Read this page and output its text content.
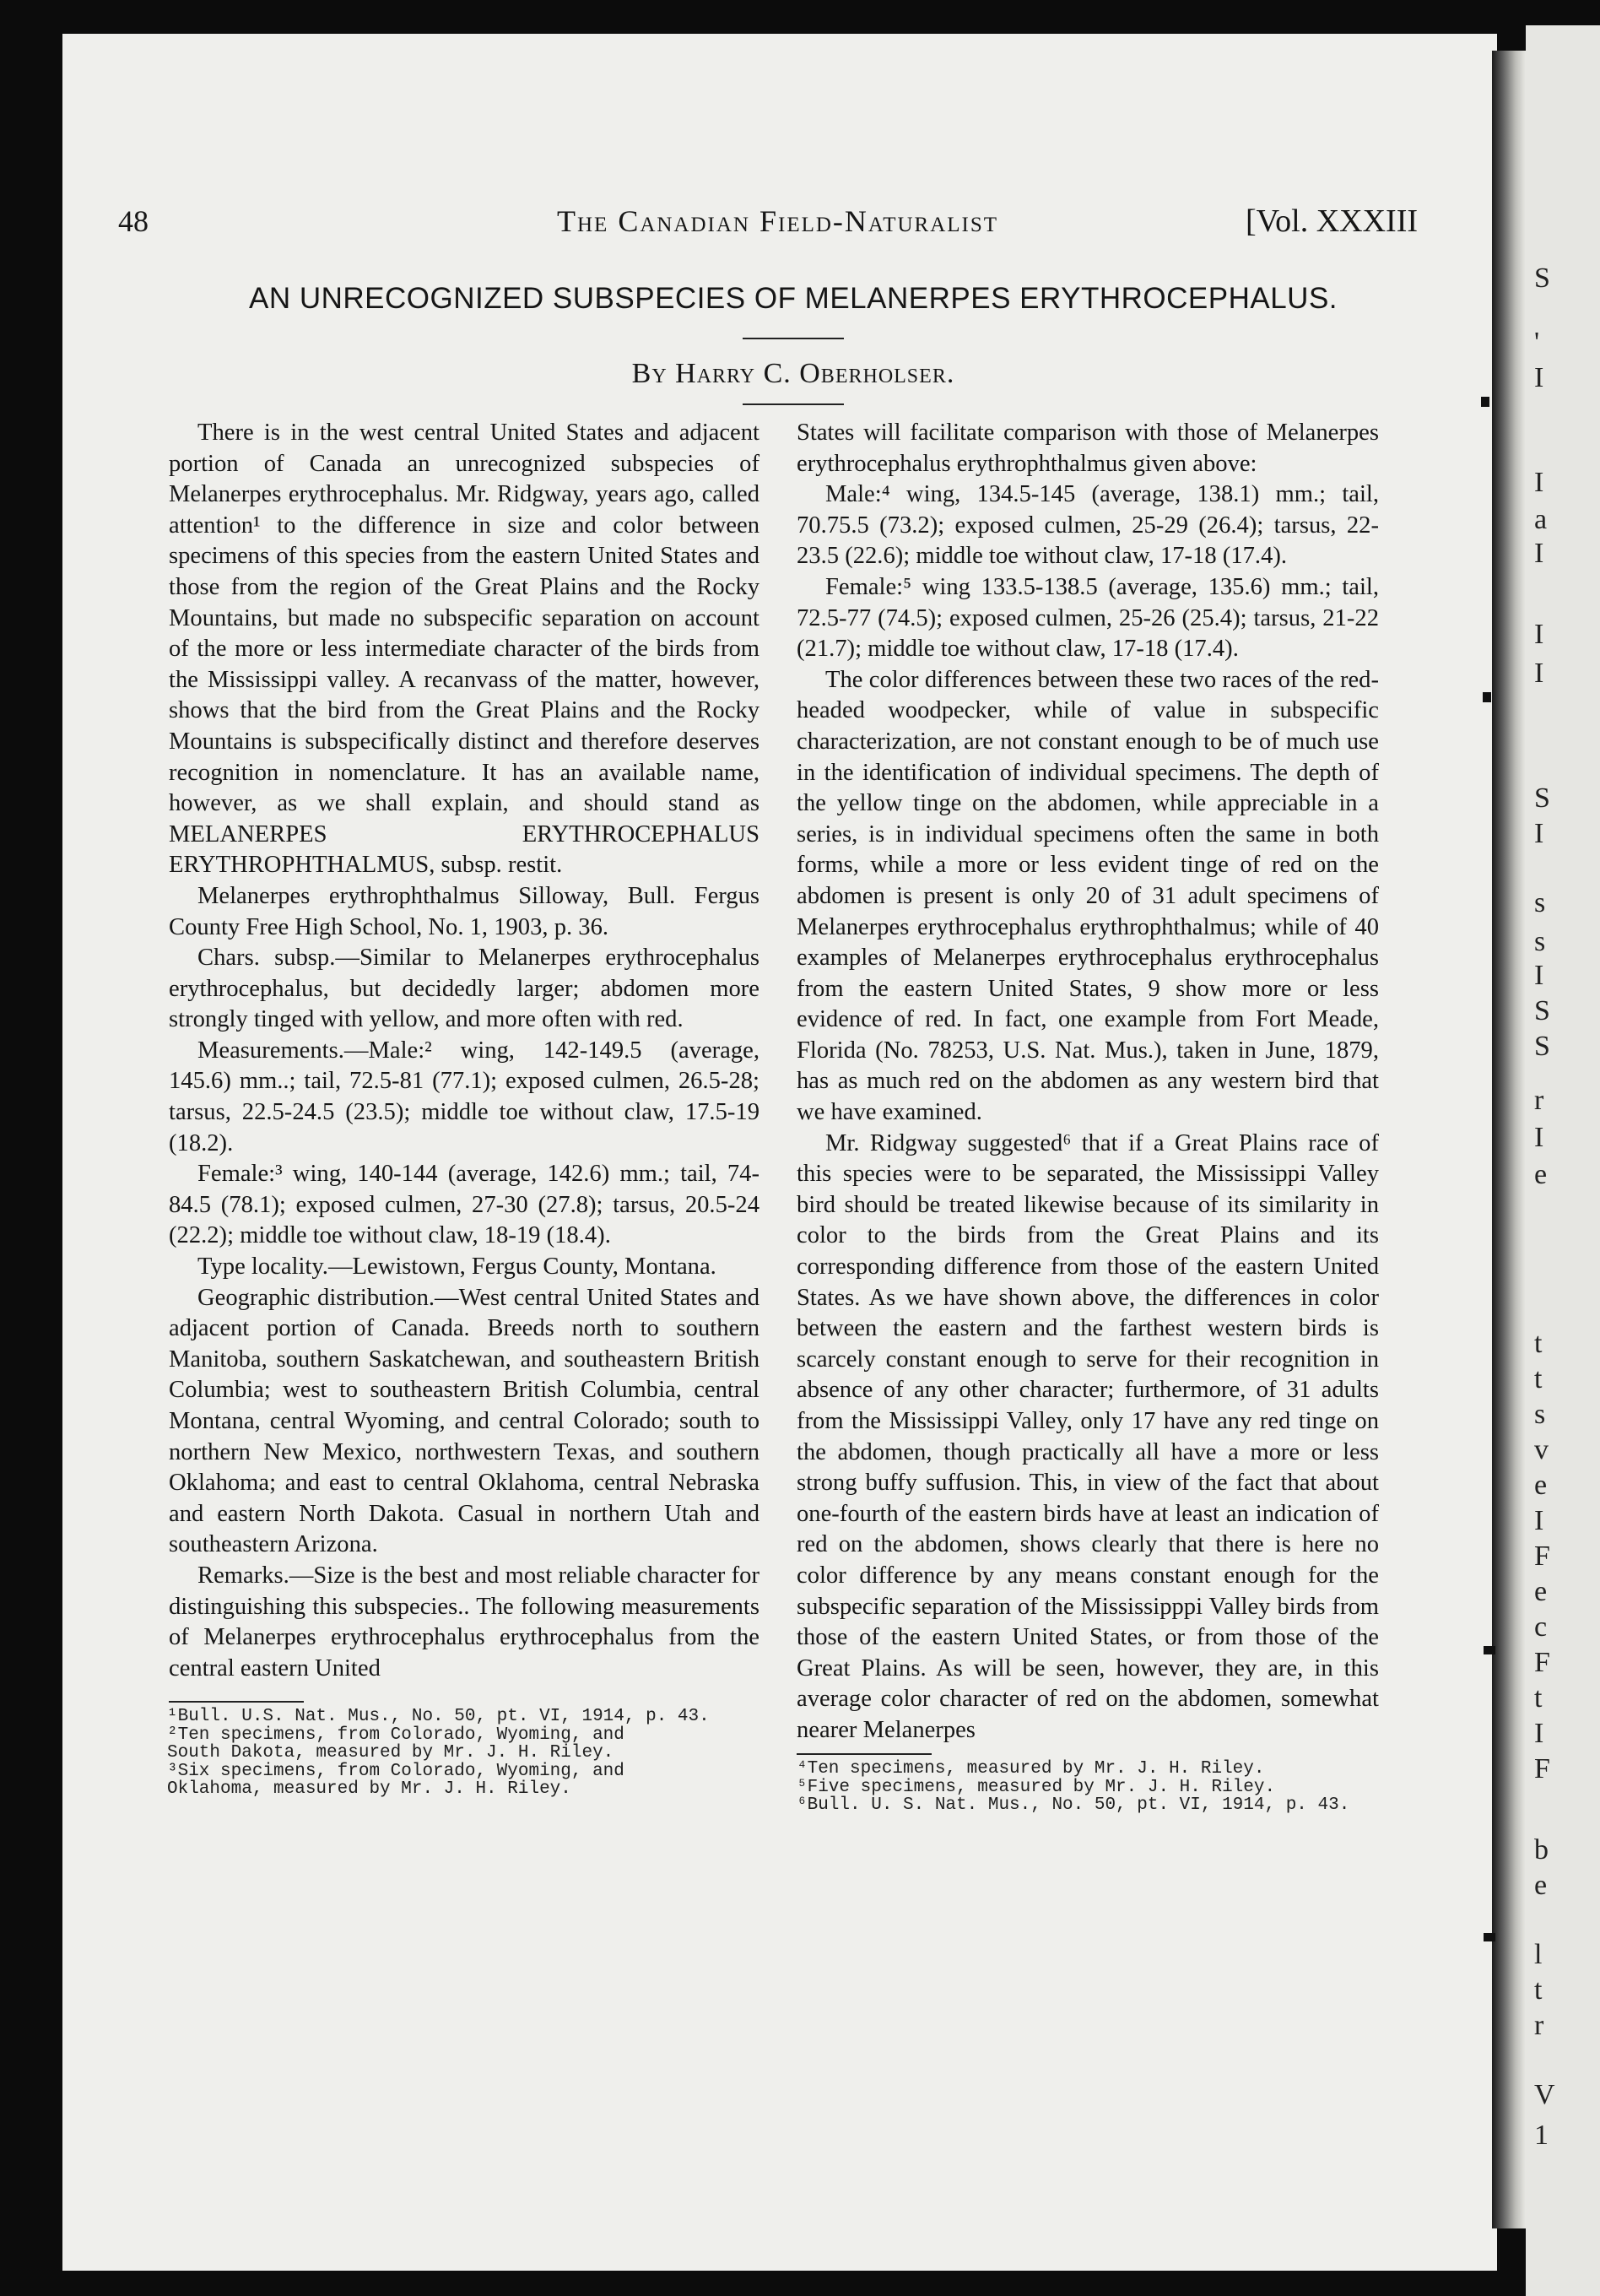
S
'
I
I
a
I
I
I
S
I
s
s
I
S
S
r
I
e
t
t
s
v
e
I
F
e
c
F
t
I
F
b
e
l
t
r
V
1
48	The Canadian Field-Naturalist	[Vol. XXXIII
AN UNRECOGNIZED SUBSPECIES OF MELANERPES ERYTHROCEPHALUS.
By Harry C. Oberholser.

There is in the west central United States and adjacent portion of Canada an unrecognized subspecies of Melanerpes erythrocephalus. Mr. Ridgway, years ago, called attention¹ to the difference in size and color between specimens of this species from the eastern United States and those from the region of the Great Plains and the Rocky Mountains, but made no subspecific separation on account of the more or less intermediate character of the birds from the Mississippi valley. A recanvass of the matter, however, shows that the bird from the Great Plains and the Rocky Mountains is subspecifically distinct and therefore deserves recognition in nomenclature. It has an available name, however, as we shall explain, and should stand as MELANERPES ERYTHROCEPHALUS ERYTHROPHTHALMUS, subsp. restit.

Melanerpes erythrophthalmus Silloway, Bull. Fergus County Free High School, No. 1, 1903, p. 36.

Chars. subsp.—Similar to Melanerpes erythrocephalus erythrocephalus, but decidedly larger; abdomen more strongly tinged with yellow, and more often with red.

Measurements.—Male:² wing, 142-149.5 (average, 145.6) mm..; tail, 72.5-81 (77.1); exposed culmen, 26.5-28; tarsus, 22.5-24.5 (23.5); middle toe without claw, 17.5-19 (18.2).

Female:³ wing, 140-144 (average, 142.6) mm.; tail, 74-84.5 (78.1); exposed culmen, 27-30 (27.8); tarsus, 20.5-24 (22.2); middle toe without claw, 18-19 (18.4).

Type locality.—Lewistown, Fergus County, Montana.

Geographic distribution.—West central United States and adjacent portion of Canada. Breeds north to southern Manitoba, southern Saskatchewan, and southeastern British Columbia; west to southeastern British Columbia, central Montana, central Wyoming, and central Colorado; south to northern New Mexico, northwestern Texas, and southern Oklahoma; and east to central Oklahoma, central Nebraska and eastern North Dakota. Casual in northern Utah and southeastern Arizona.

Remarks.—Size is the best and most reliable character for distinguishing this subspecies.. The following measurements of Melanerpes erythrocephalus erythrocephalus from the central eastern United

States will facilitate comparison with those of Melanerpes erythrocephalus erythrophthalmus given above:

Male:⁴ wing, 134.5-145 (average, 138.1) mm.; tail, 70.75.5 (73.2); exposed culmen, 25-29 (26.4); tarsus, 22-23.5 (22.6); middle toe without claw, 17-18 (17.4).

Female:⁵ wing 133.5-138.5 (average, 135.6) mm.; tail, 72.5-77 (74.5); exposed culmen, 25-26 (25.4); tarsus, 21-22 (21.7); middle toe without claw, 17-18 (17.4).

The color differences between these two races of the red-headed woodpecker, while of value in subspecific characterization, are not constant enough to be of much use in the identification of individual specimens. The depth of the yellow tinge on the abdomen, while appreciable in a series, is in individual specimens often the same in both forms, while a more or less evident tinge of red on the abdomen is present is only 20 of 31 adult specimens of Melanerpes erythrocephalus erythrophthalmus; while of 40 examples of Melanerpes erythrocephalus erythrocephalus from the eastern United States, 9 show more or less evidence of red. In fact, one example from Fort Meade, Florida (No. 78253, U.S. Nat. Mus.), taken in June, 1879, has as much red on the abdomen as any western bird that we have examined.

Mr. Ridgway suggested⁶ that if a Great Plains race of this species were to be separated, the Mississippi Valley bird should be treated likewise because of its similarity in color to the birds from the Great Plains and its corresponding difference from those of the eastern United States. As we have shown above, the differences in color between the eastern and the farthest western birds is scarcely constant enough to serve for their recognition in absence of any other character; furthermore, of 31 adults from the Mississippi Valley, only 17 have any red tinge on the abdomen, though practically all have a more or less strong buffy suffusion. This, in view of the fact that about one-fourth of the eastern birds have at least an indication of red on the abdomen, shows clearly that there is here no color difference by any means constant enough for the subspecific separation of the Mississipppi Valley birds from those of the eastern United States, or from those of the Great Plains. As will be seen, however, they are, in this average color character of red on the abdomen, somewhat nearer Melanerpes

¹Bull. U.S. Nat. Mus., No. 50, pt. VI, 1914, p. 43.
²Ten specimens, from Colorado, Wyoming, and
South Dakota, measured by Mr. J. H. Riley.
³Six specimens, from Colorado, Wyoming, and
Oklahoma, measured by Mr. J. H. Riley.
⁴Ten specimens, measured by Mr. J. H. Riley.
⁵Five specimens, measured by Mr. J. H. Riley.
⁶Bull. U. S. Nat. Mus., No. 50, pt. VI, 1914, p. 43.
